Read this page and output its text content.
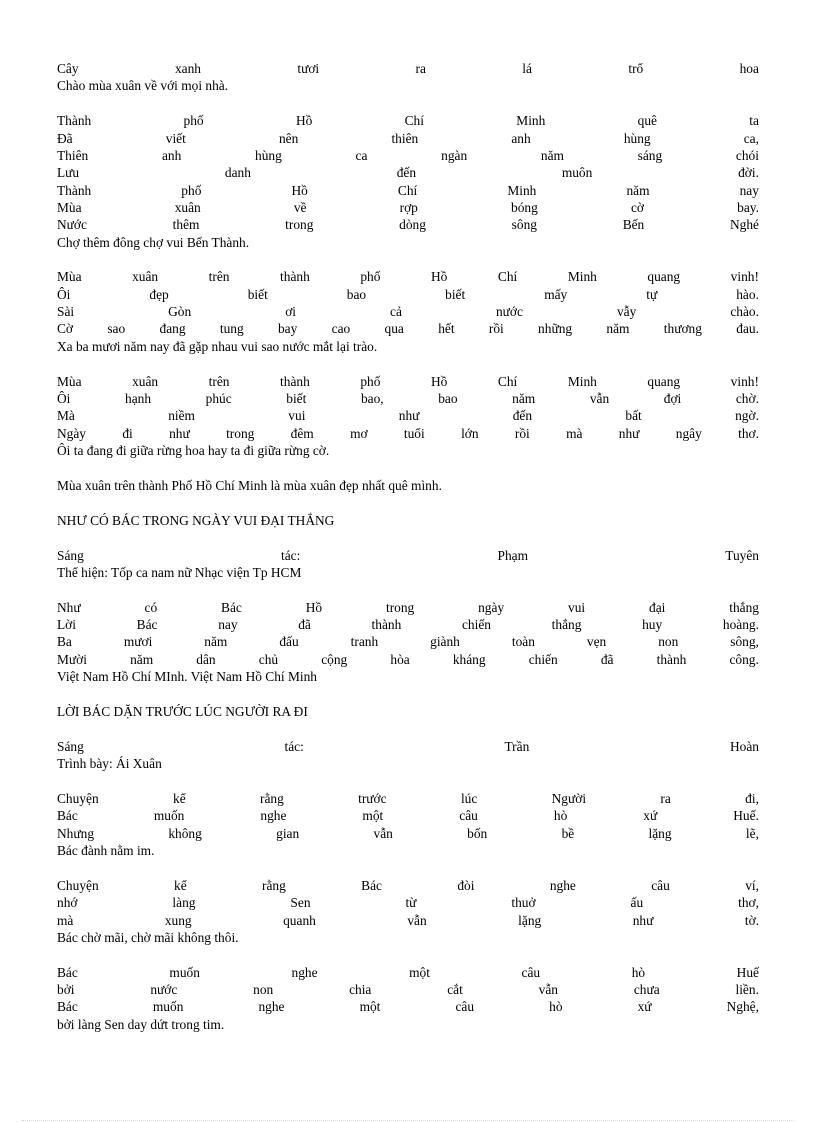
Cây	xanh	tươi	ra	lá	trổ	hoa
Chào mùa xuân về với mọi nhà.
Thành	phố	Hồ	Chí	Minh	quê	ta
Đã	viết	nên	thiên	anh	hùng	ca,
Thiên	anh	hùng	ca	ngàn	năm	sáng	chói
Lưu	danh	đến	muôn	đời.
Thành	phố	Hồ	Chí	Minh	năm	nay
Mùa	xuân	về	rợp	bóng	cờ	bay.
Nước	thêm	trong	dòng	sông	Bến	Nghé
Chợ thêm đông chợ vui Bến Thành.
Mùa	xuân	trên	thành	phố	Hồ	Chí	Minh	quang	vinh!
Ôi	đẹp	biết	bao	biết	mấy	tự	hào.
Sài	Gòn	ơi	cả	nước	vẫy	chào.
Cờ	sao	đang	tung	bay	cao	qua	hết	rồi	những	năm	thương	đau.
Xa ba mươi năm nay đã gặp nhau vui sao nước mắt lại trào.
Mùa	xuân	trên	thành	phố	Hồ	Chí	Minh	quang	vinh!
Ôi	hạnh	phúc	biết	bao,	bao	năm	vẫn	đợi	chờ.
Mà	niềm	vui	như	đến	bất	ngờ.
Ngày	đi	như	trong	đêm	mơ	tuổi	lớn	rồi	mà	như	ngây	thơ.
Ôi ta đang đi giữa rừng hoa hay ta đi giữa rừng cờ.
Mùa xuân trên thành Phố Hồ Chí Minh là mùa xuân đẹp nhất quê mình.
NHƯ CÓ BÁC TRONG NGÀY VUI ĐẠI THẮNG
Sáng	tác:	Phạm	Tuyên
Thể hiện: Tốp ca nam nữ Nhạc viện Tp HCM
Như	có	Bác	Hồ	trong	ngày	vui	đại	thắng
Lời	Bác	nay	đã	thành	chiến	thắng	huy	hoàng.
Ba	mươi	năm	đấu	tranh	giành	toàn	vẹn	non	sông,
Mười	năm	dân	chủ	cộng	hòa	kháng	chiến	đã	thành	công.
Việt Nam Hồ Chí MInh. Việt Nam Hồ Chí Minh
LỜI BÁC DẶN TRƯỚC LÚC NGƯỜI RA ĐI
Sáng	tác:	Trần	Hoàn
Trình bày: Ái Xuân
Chuyện	kể	rằng	trước	lúc	Người	ra	đi,
Bác	muốn	nghe	một	câu	hò	xứ	Huế.
Nhưng	không	gian	vẫn	bốn	bề	lặng	lẽ,
Bác đành nằm im.
Chuyện	kể	rằng	Bác	đòi	nghe	câu	ví,
nhớ	làng	Sen	từ	thuở	ấu	thơ,
mà	xung	quanh	vẫn	lặng	như	tờ.
Bác chờ mãi, chờ mãi không thôi.
Bác	muốn	nghe	một	câu	hò	Huế
bởi	nước	non	chia	cắt	vẫn	chưa	liền.
Bác	muốn	nghe	một	câu	hò	xứ	Nghệ,
bởi làng Sen day dứt trong tim.
